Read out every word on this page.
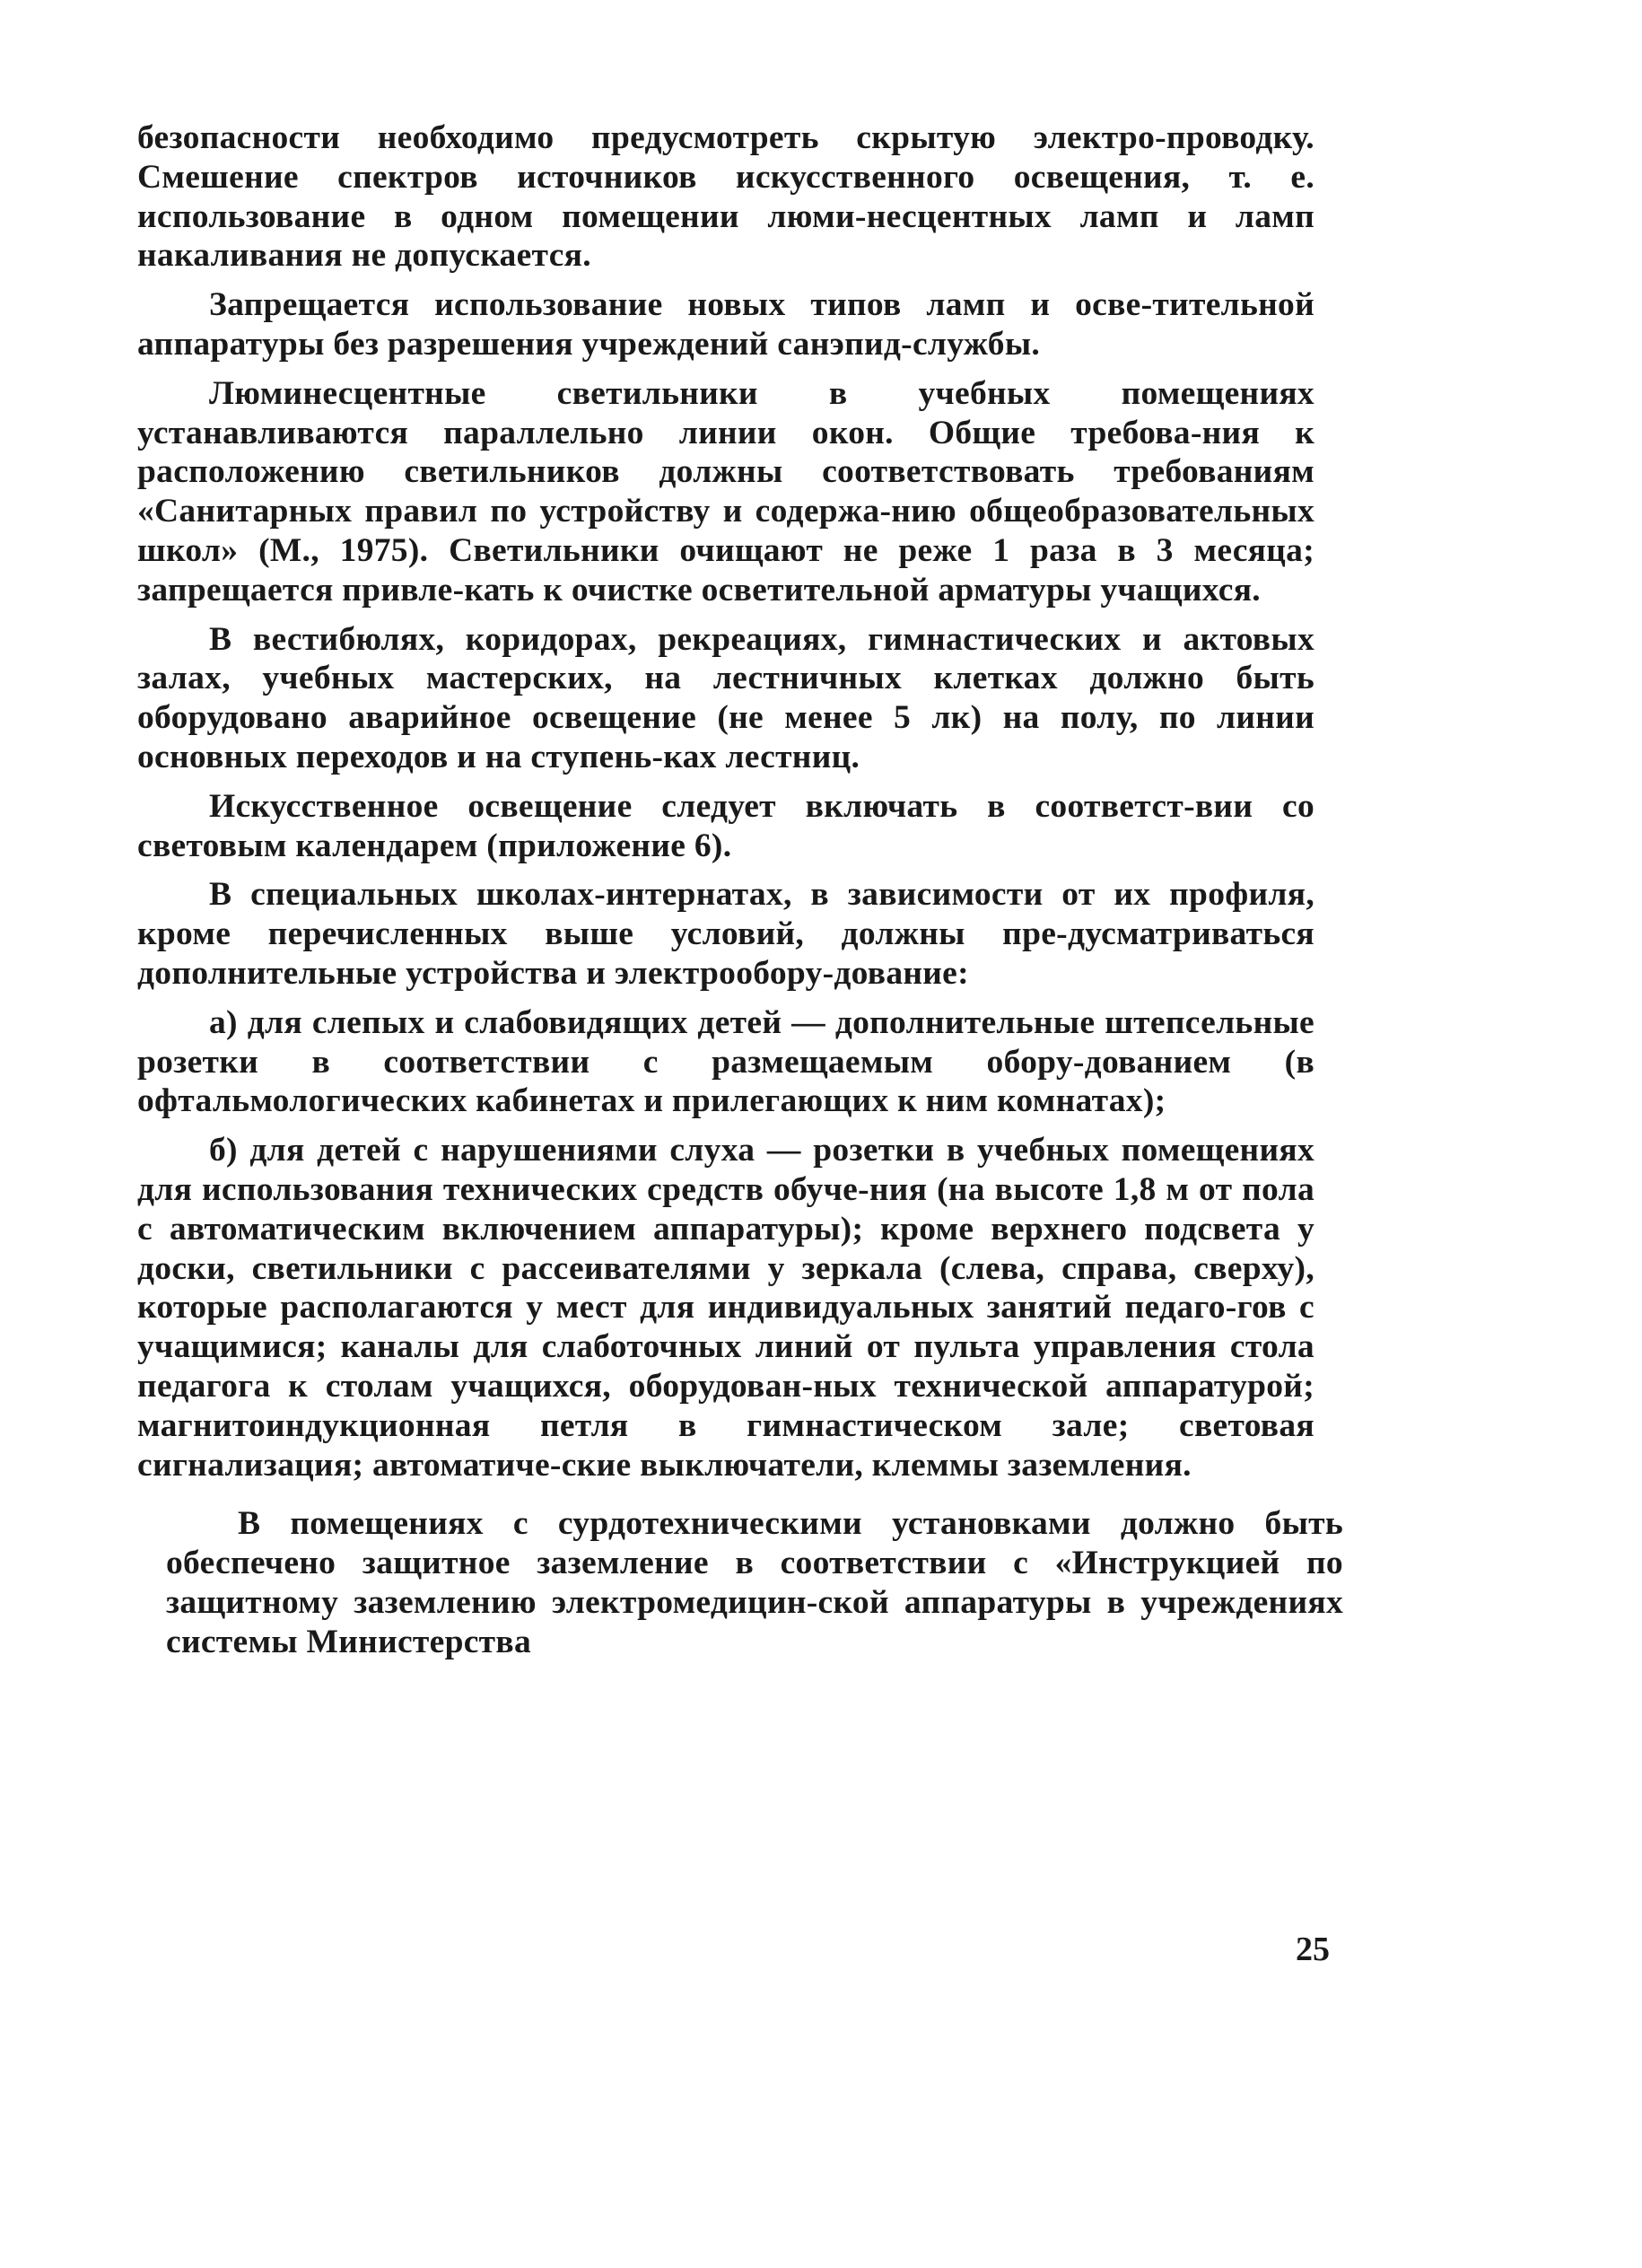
безопасности необходимо предусмотреть скрытую электро-проводку. Смешение спектров источников искусственного освещения, т. е. использование в одном помещении люми-несцентных ламп и ламп накаливания не допускается.

Запрещается использование новых типов ламп и осве-тительной аппаратуры без разрешения учреждений санэпид-службы.

Люминесцентные светильники в учебных помещениях устанавливаются параллельно линии окон. Общие требова-ния к расположению светильников должны соответствовать требованиям «Санитарных правил по устройству и содержа-нию общеобразовательных школ» (М., 1975). Светильники очищают не реже 1 раза в 3 месяца; запрещается привле-кать к очистке осветительной арматуры учащихся.

В вестибюлях, коридорах, рекреациях, гимнастических и актовых залах, учебных мастерских, на лестничных клетках должно быть оборудовано аварийное освещение (не менее 5 лк) на полу, по линии основных переходов и на ступень-ках лестниц.

Искусственное освещение следует включать в соответст-вии со световым календарем (приложение 6).

В специальных школах-интернатах, в зависимости от их профиля, кроме перечисленных выше условий, должны пре-дусматриваться дополнительные устройства и электрообору-дование:

а) для слепых и слабовидящих детей — дополнительные штепсельные розетки в соответствии с размещаемым обору-дованием (в офтальмологических кабинетах и прилегающих к ним комнатах);

б) для детей с нарушениями слуха — розетки в учебных помещениях для использования технических средств обуче-ния (на высоте 1,8 м от пола с автоматическим включением аппаратуры); кроме верхнего подсвета у доски, светильники с рассеивателями у зеркала (слева, справа, сверху), которые располагаются у мест для индивидуальных занятий педаго-гов с учащимися; каналы для слаботочных линий от пульта управления стола педагога к столам учащихся, оборудован-ных технической аппаратурой; магнитоиндукционная петля в гимнастическом зале; световая сигнализация; автоматиче-ские выключатели, клеммы заземления.

В помещениях с сурдотехническими установками должно быть обеспечено защитное заземление в соответствии с «Инструкцией по защитному заземлению электромедицин-ской аппаратуры в учреждениях системы Министерства

25
